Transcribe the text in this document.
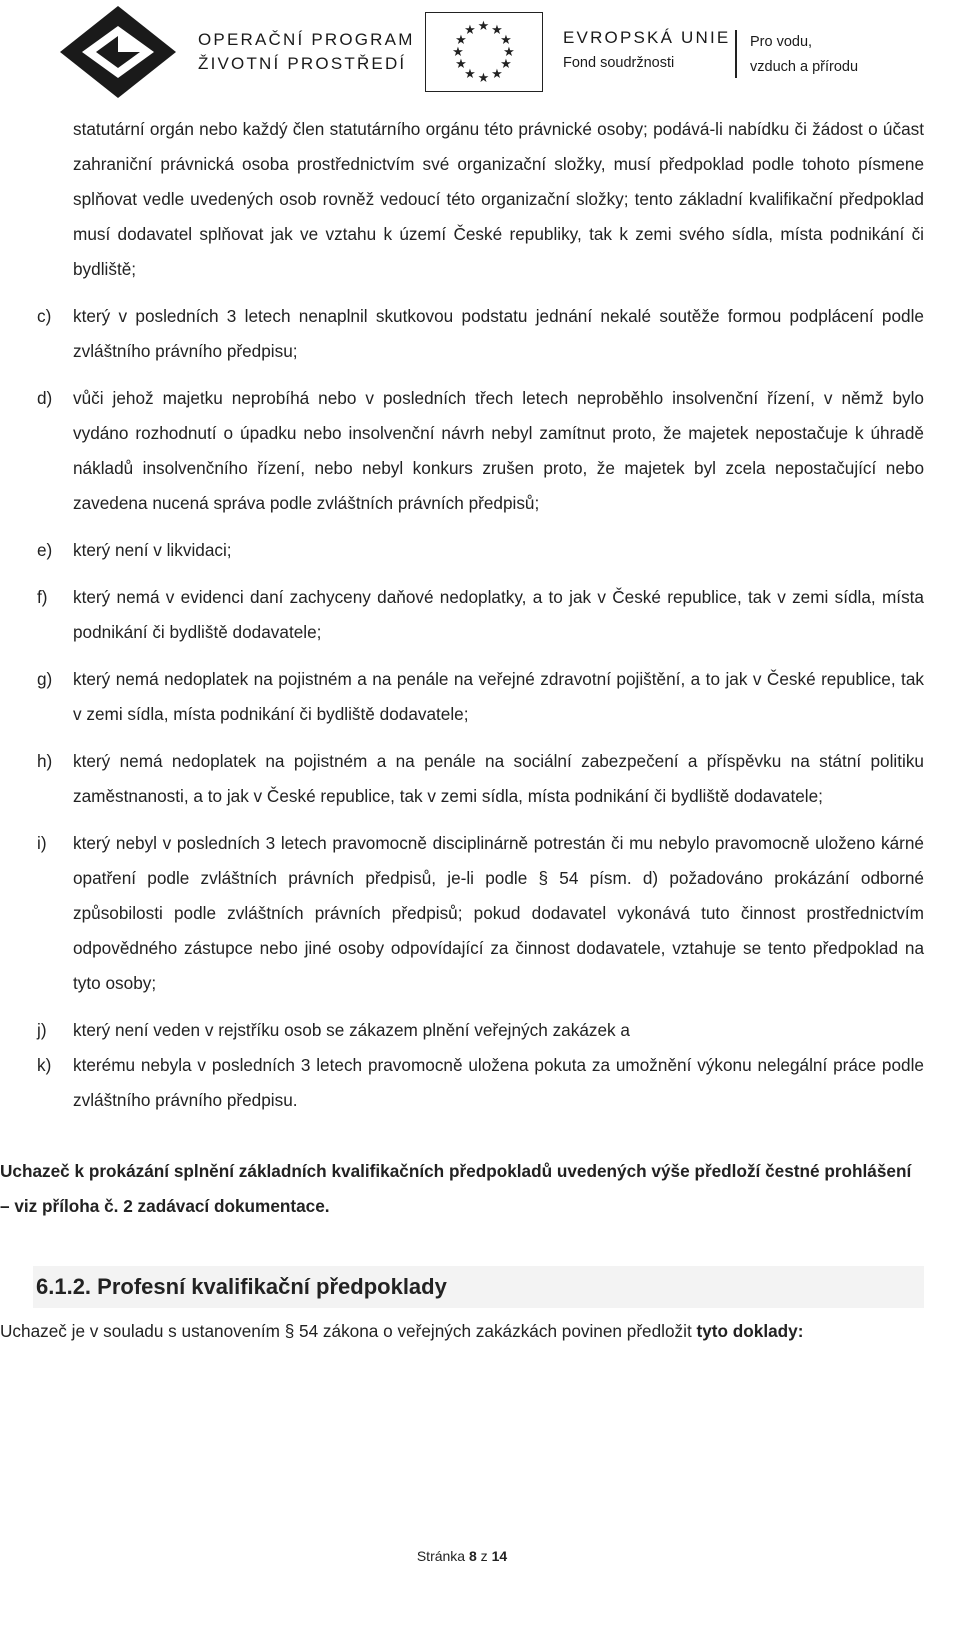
OPERAČNÍ PROGRAM
ŽIVOTNÍ PROSTŘEDÍ
★ ★
★
★
★
★
★
★
★
★
★
★	EVROPSKÁ UNIE
Fond soudržnosti
Pro vodu,
vzduch a přírodu
statutární orgán nebo každý člen statutárního orgánu této právnické osoby; podává-li nabídku či žádost o účast zahraniční právnická osoba prostřednictvím své organizační složky, musí předpoklad podle tohoto písmene splňovat vedle uvedených osob rovněž vedoucí této organizační složky; tento základní kvalifikační předpoklad musí dodavatel splňovat jak ve vztahu k území České republiky, tak k zemi svého sídla, místa podnikání či bydliště;
c) který v posledních 3 letech nenaplnil skutkovou podstatu jednání nekalé soutěže formou podplácení podle zvláštního právního předpisu;
d) vůči jehož majetku neprobíhá nebo v posledních třech letech neproběhlo insolvenční řízení, v němž bylo vydáno rozhodnutí o úpadku nebo insolvenční návrh nebyl zamítnut proto, že majetek nepostačuje k úhradě nákladů insolvenčního řízení, nebo nebyl konkurs zrušen proto, že majetek byl zcela nepostačující nebo zavedena nucená správa podle zvláštních právních předpisů;
e) který není v likvidaci;
f) který nemá v evidenci daní zachyceny daňové nedoplatky, a to jak v České republice, tak v zemi sídla, místa podnikání či bydliště dodavatele;
g) který nemá nedoplatek na pojistném a na penále na veřejné zdravotní pojištění, a to jak v České republice, tak v zemi sídla, místa podnikání či bydliště dodavatele;
h) který nemá nedoplatek na pojistném a na penále na sociální zabezpečení a příspěvku na státní politiku zaměstnanosti, a to jak v České republice, tak v zemi sídla, místa podnikání či bydliště dodavatele;
i) který nebyl v posledních 3 letech pravomocně disciplinárně potrestán či mu nebylo pravomocně uloženo kárné opatření podle zvláštních právních předpisů, je-li podle § 54 písm. d) požadováno prokázání odborné způsobilosti podle zvláštních právních předpisů; pokud dodavatel vykonává tuto činnost prostřednictvím odpovědného zástupce nebo jiné osoby odpovídající za činnost dodavatele, vztahuje se tento předpoklad na tyto osoby;
j) který není veden v rejstříku osob se zákazem plnění veřejných zakázek a
k) kterému nebyla v posledních 3 letech pravomocně uložena pokuta za umožnění výkonu nelegální práce podle zvláštního právního předpisu.
Uchazeč k prokázání splnění základních kvalifikačních předpokladů uvedených výše předloží čestné prohlášení – viz příloha č. 2 zadávací dokumentace.
6.1.2. Profesní kvalifikační předpoklady
Uchazeč je v souladu s ustanovením § 54 zákona o veřejných zakázkách povinen předložit tyto doklady:
Stránka 8 z 14
